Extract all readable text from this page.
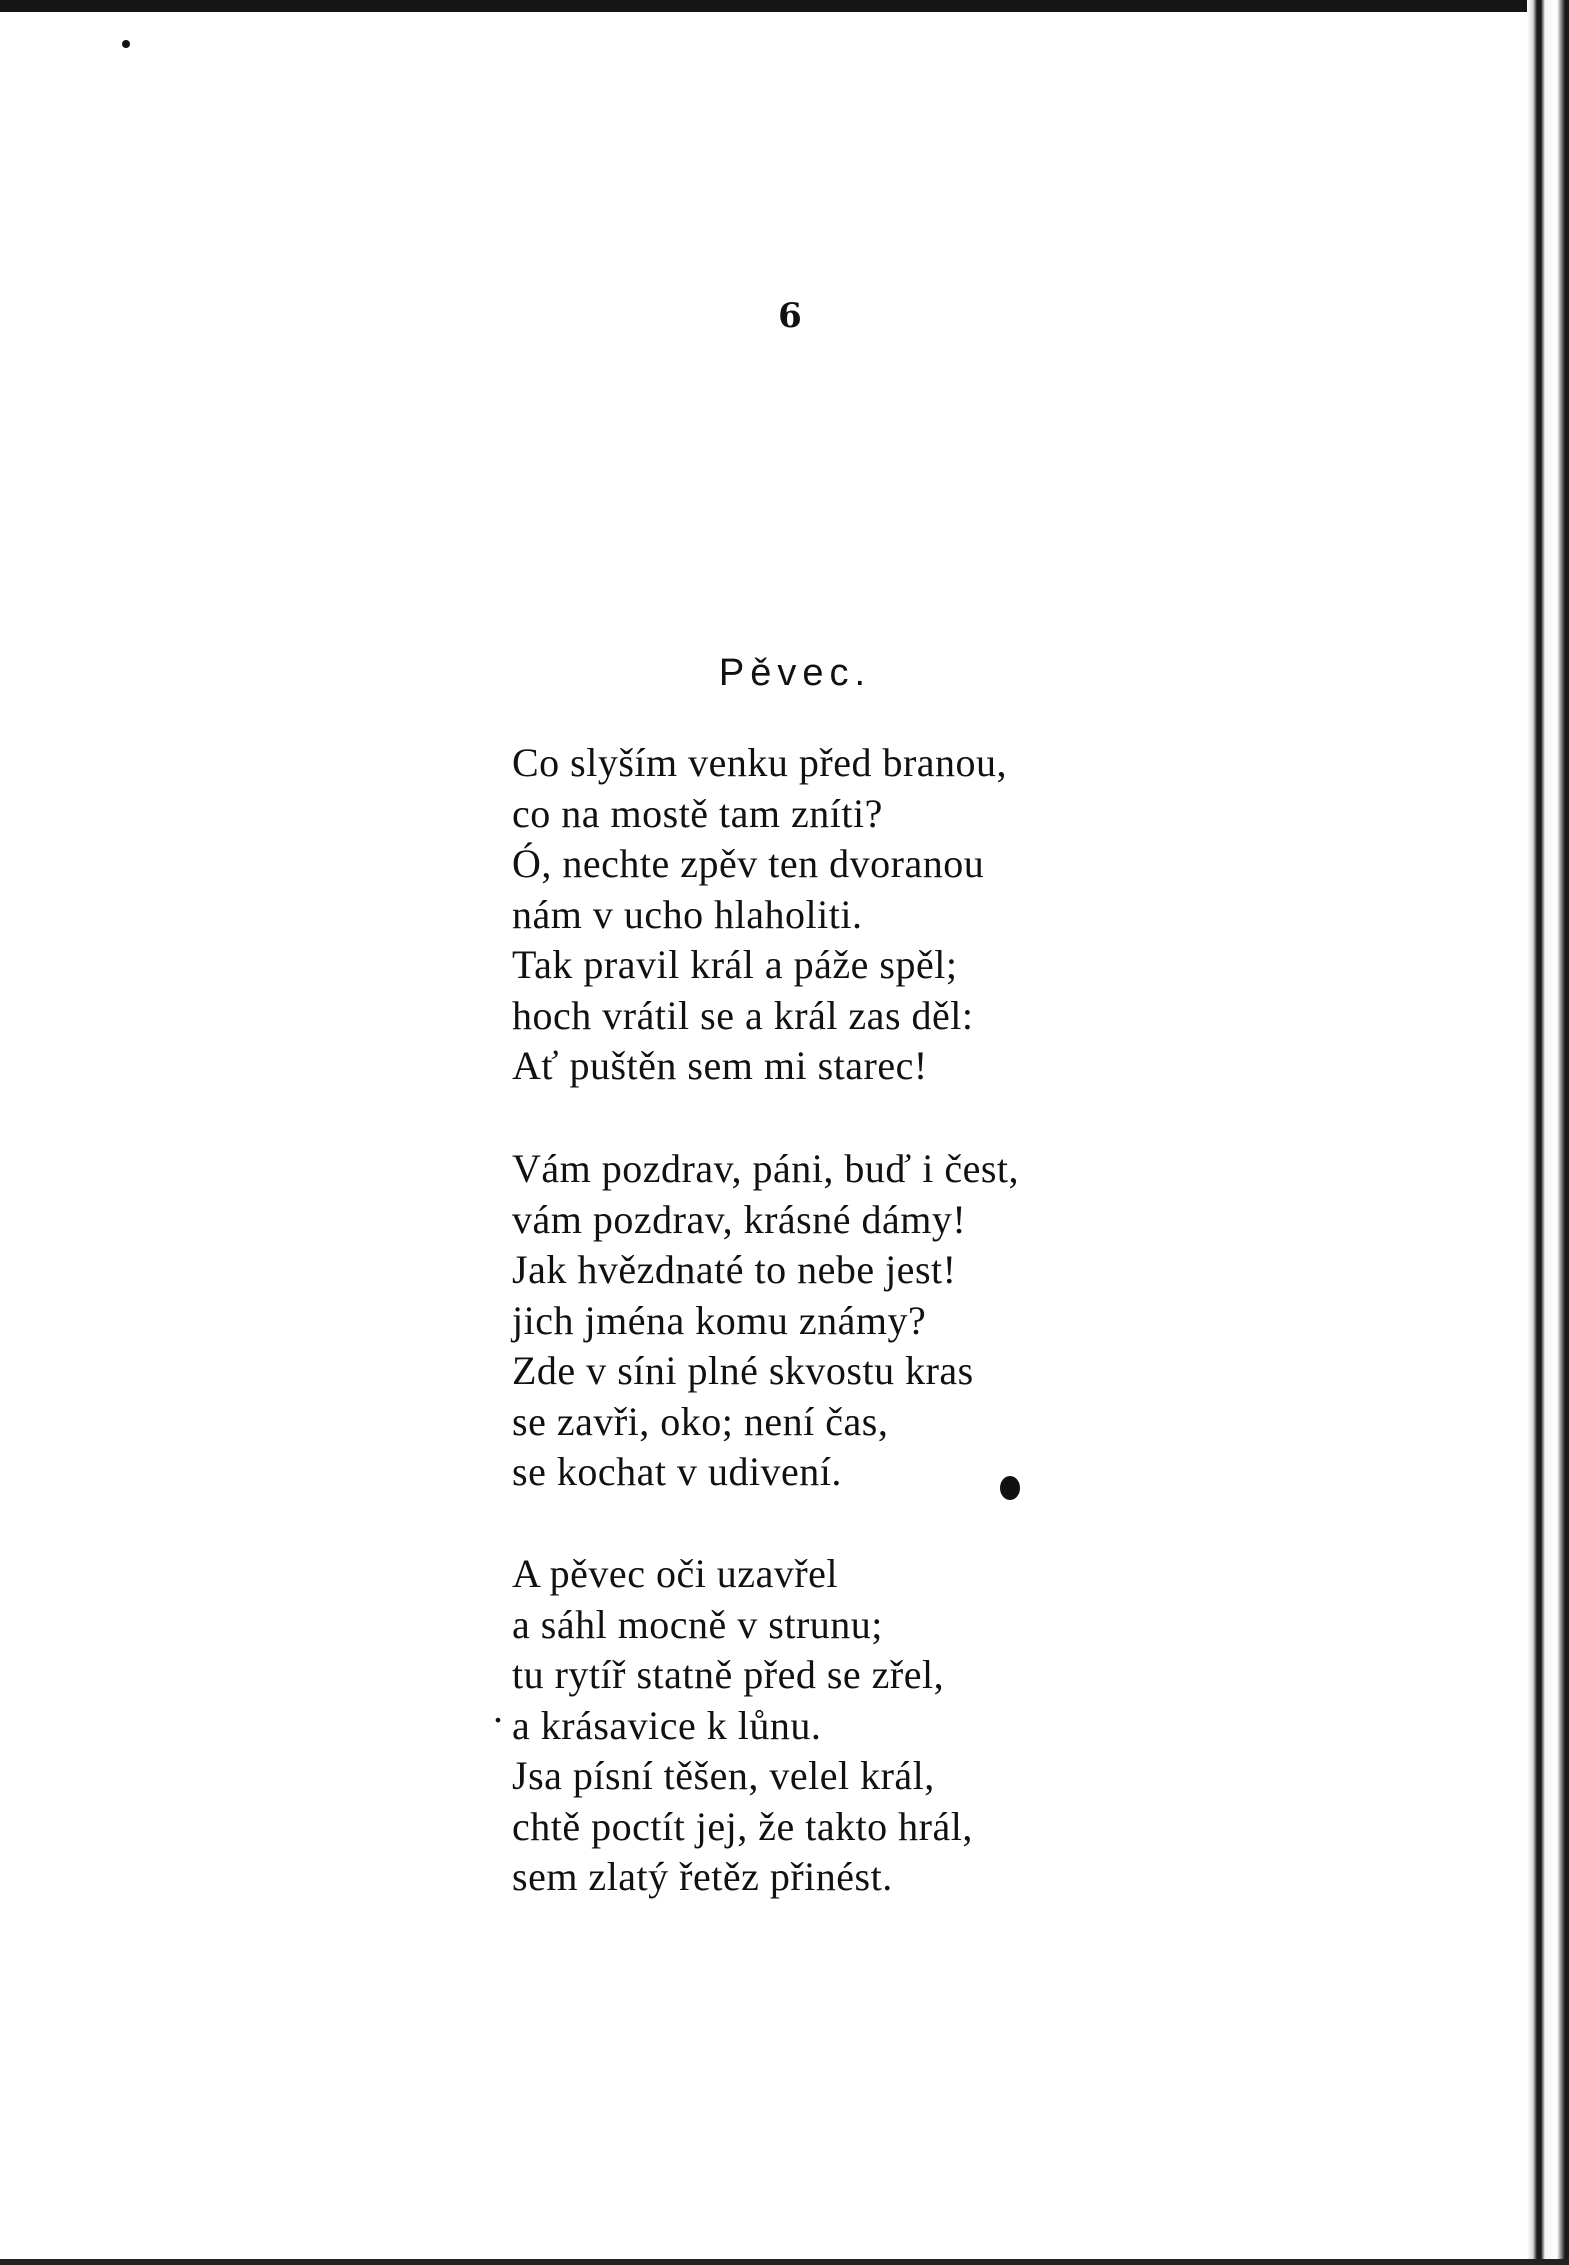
6
Pěvec.
Co slyším venku před branou,
co na mostě tam zníti?
Ó, nechte zpěv ten dvoranou
nám v ucho hlaholiti.
Tak pravil král a páže spěl;
hoch vrátil se a král zas děl:
Ať puštěn sem mi starec!
Vám pozdrav, páni, buď i čest,
vám pozdrav, krásné dámy!
Jak hvězdnaté to nebe jest!
jich jména komu známy?
Zde v síni plné skvostu kras
se zavři, oko; není čas,
se kochat v udivení.
A pěvec oči uzavřel
a sáhl mocně v strunu;
tu rytíř statně před se zřel,
a krásavice k lůnu.
Jsa písní těšen, velel král,
chtě poctít jej, že takto hrál,
sem zlatý řetěz přinést.
.
